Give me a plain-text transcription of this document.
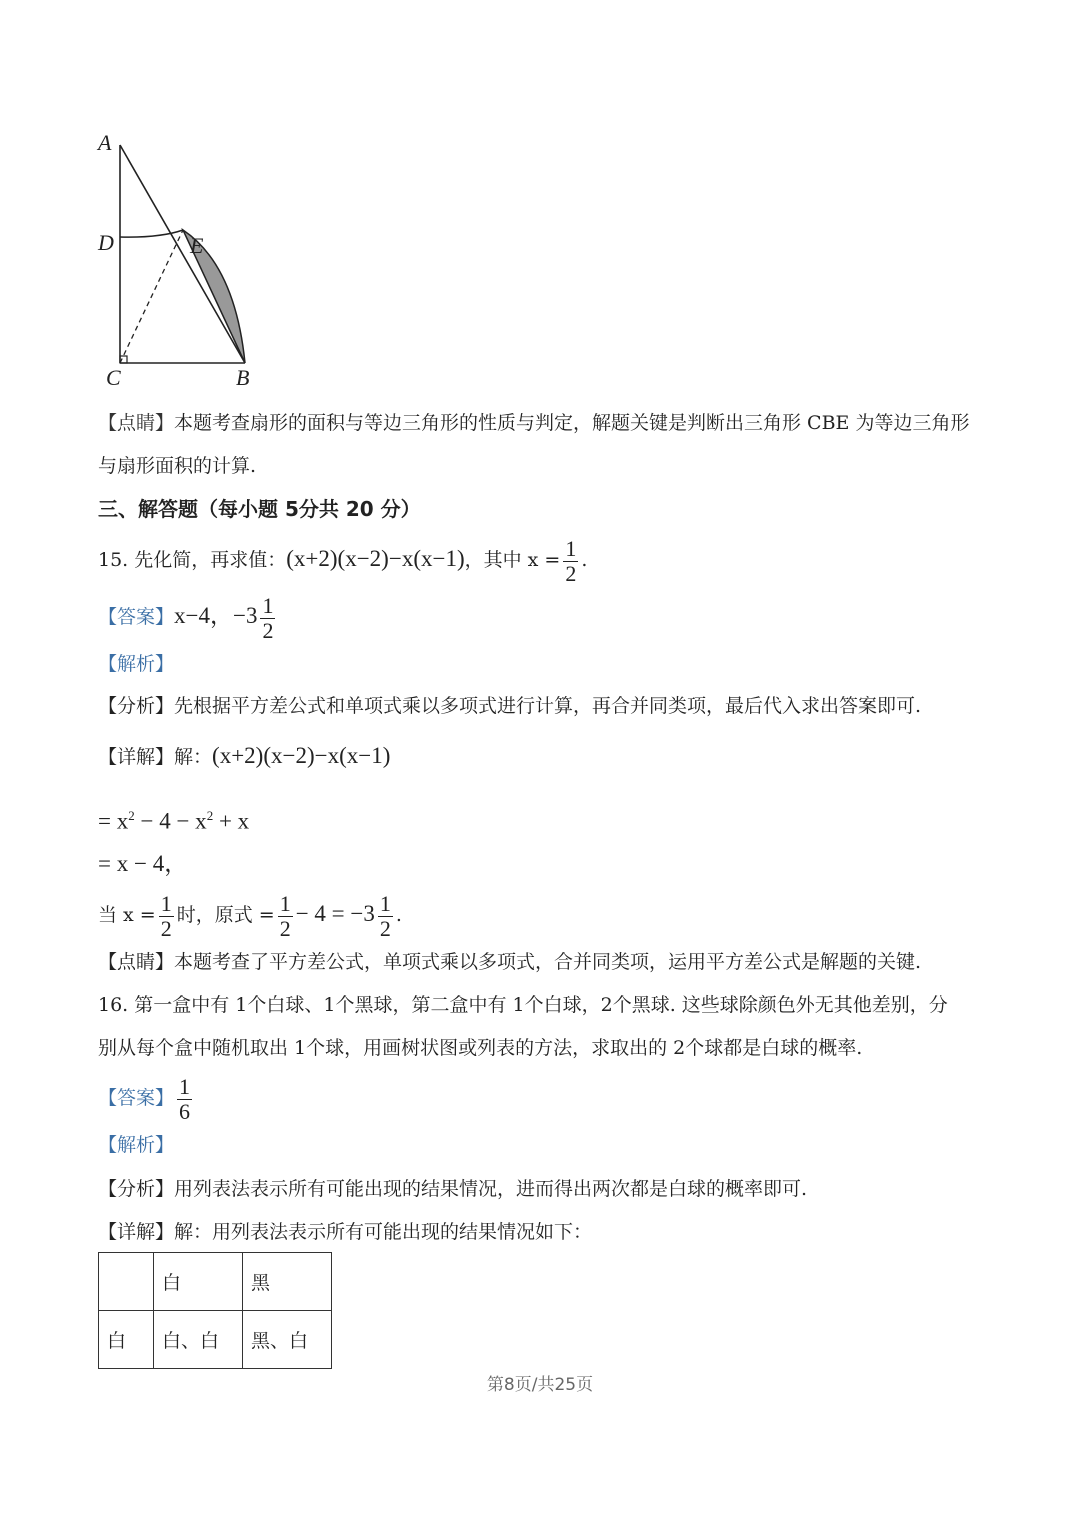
A
D	E
C	B
【点睛】本题考查扇形的面积与等边三角形的性质与判定，解题关键是判断出三角形 CBE 为等边三角形
与扇形面积的计算.
三、解答题（每小题 5分共 20 分）
15. 先化简，再求值：(x+2)(x−2)−x(x−1)，其中 $x = \frac{1}{2}$ .
【答案】x−4，$-3 \frac{1}{2}$
【解析】
【分析】先根据平方差公式和单项式乘以多项式进行计算，再合并同类项，最后代入求出答案即可.
【详解】解：(x+2)(x−2)−x(x−1)
= $x^2 - 4 - x^2 + x$
= x − 4，
当 $x = \frac{1}{2}$ 时，原式 = $\frac{1}{2} - 4 = -3 \frac{1}{2}$ .
【点睛】本题考查了平方差公式，单项式乘以多项式，合并同类项，运用平方差公式是解题的关键.
16. 第一盒中有 1个白球、1个黑球，第二盒中有 1个白球，2个黑球. 这些球除颜色外无其他差别，分
别从每个盒中随机取出 1个球，用画树状图或列表的方法，求取出的 2个球都是白球的概率.
【答案】 $\frac{1}{6}$
【解析】
【分析】用列表法表示所有可能出现的结果情况，进而得出两次都是白球的概率即可.
【详解】解：用列表法表示所有可能出现的结果情况如下：
	白	黑
白	白、白	黑、白
第8页/共25页
